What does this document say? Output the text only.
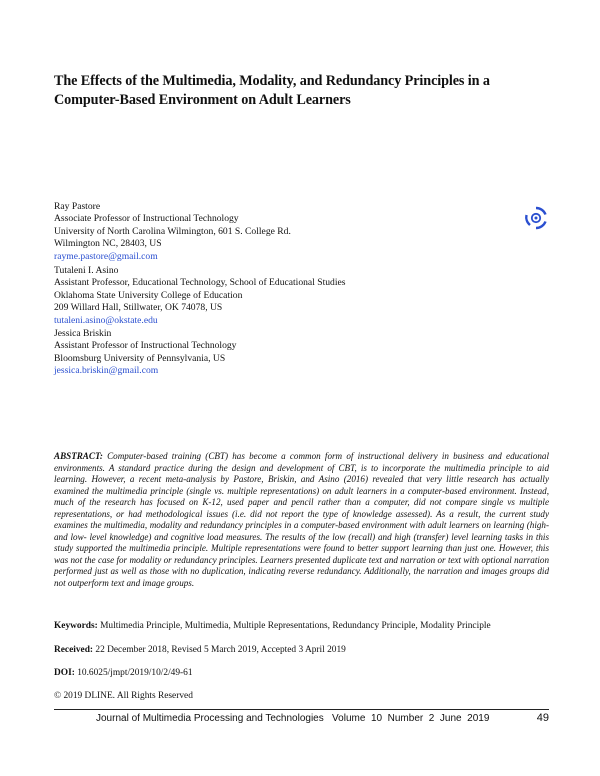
The Effects of the Multimedia, Modality, and Redundancy Principles in a Computer-Based Environment on Adult Learners
Ray Pastore
Associate Professor of Instructional Technology
University of North Carolina Wilmington, 601 S. College Rd.
Wilmington NC, 28403, US
rayme.pastore@gmail.com
Tutaleni I. Asino
Assistant Professor, Educational Technology, School of Educational Studies
Oklahoma State University College of Education
209 Willard Hall, Stillwater, OK 74078, US
tutaleni.asino@okstate.edu
Jessica Briskin
Assistant Professor of Instructional Technology
Bloomsburg University of Pennsylvania, US
jessica.briskin@gmail.com
ABSTRACT: Computer-based training (CBT) has become a common form of instructional delivery in business and educational environments. A standard practice during the design and development of CBT, is to incorporate the multimedia principle to aid learning. However, a recent meta-analysis by Pastore, Briskin, and Asino (2016) revealed that very little research has actually examined the multimedia principle (single vs. multiple representations) on adult learners in a computer-based environment. Instead, much of the research has focused on K-12, used paper and pencil rather than a computer, did not compare single vs multiple representations, or had methodological issues (i.e. did not report the type of knowledge assessed). As a result, the current study examines the multimedia, modality and redundancy principles in a computer-based environment with adult learners on learning (high- and low- level knowledge) and cognitive load measures. The results of the low (recall) and high (transfer) level learning tasks in this study supported the multimedia principle. Multiple representations were found to better support learning than just one. However, this was not the case for modality or redundancy principles. Learners presented duplicate text and narration or text with optional narration performed just as well as those with no duplication, indicating reverse redundancy. Additionally, the narration and images groups did not outperform text and image groups.
Keywords: Multimedia Principle, Multimedia, Multiple Representations, Redundancy Principle, Modality Principle
Received: 22 December 2018, Revised 5 March 2019, Accepted 3 April 2019
DOI: 10.6025/jmpt/2019/10/2/49-61
© 2019 DLINE. All Rights Reserved
Journal of Multimedia Processing and Technologies   Volume  10  Number  2  June  2019	49
